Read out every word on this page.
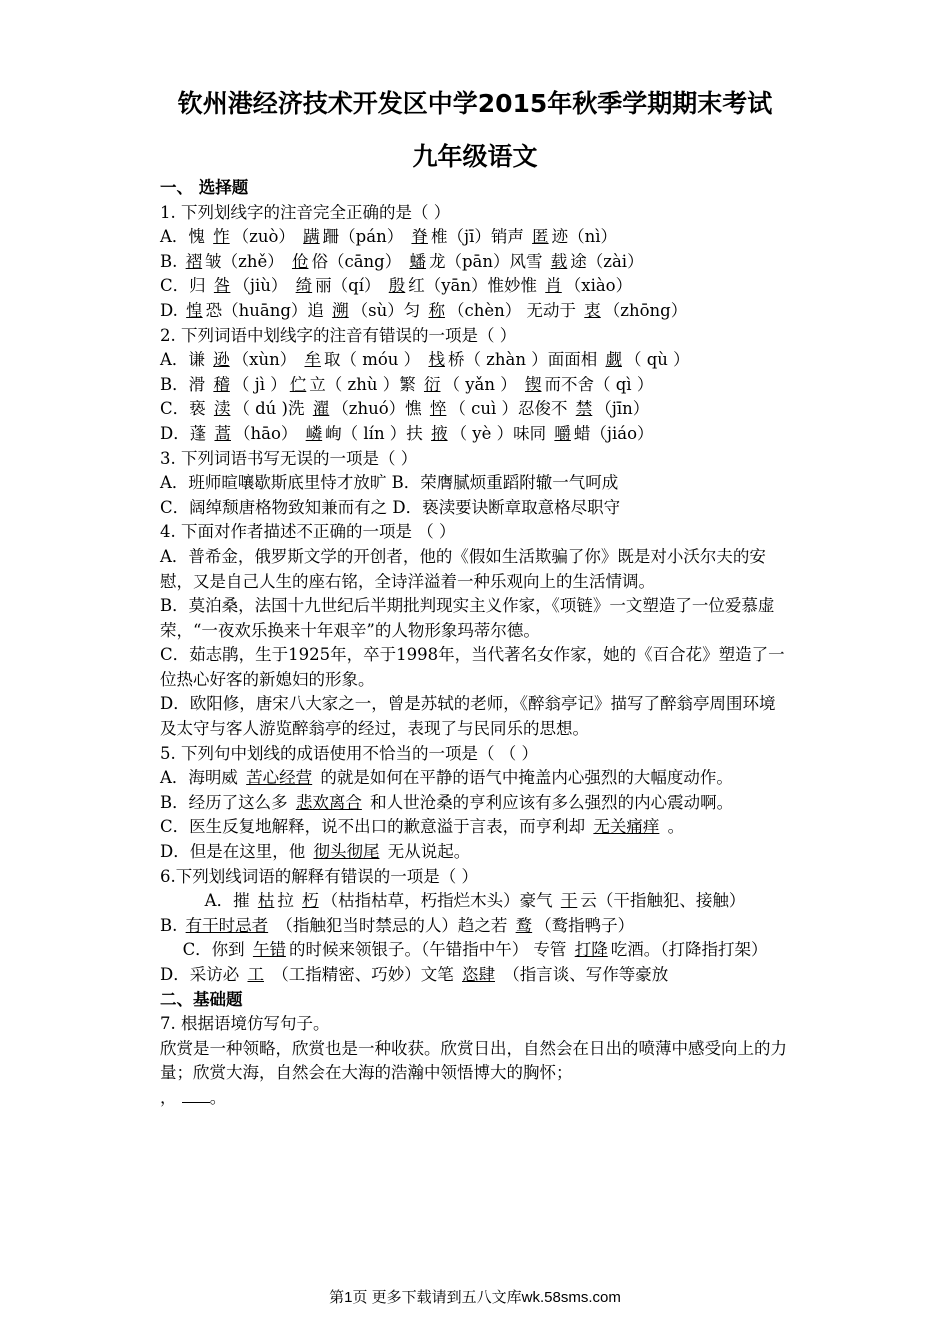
钦州港经济技术开发区中学2015年秋季学期期末考试
九年级语文
一、 选择题
1. 下列划线字的注音完全正确的是（ ）
A．愧 怍 （zuò） 蹒 跚（pán） 脊 椎（jī）销声 匿 迹（nì）
B. 褶 皱（zhě） 伧 俗（cāng） 蟠 龙（pān）风雪 载 途（zài）
C．归 咎 （jiù） 绮 丽（qí） 殷 红（yān）惟妙惟 肖 （xiào）
D. 惶 恐（huāng）追 溯 （sù）匀 称 （chèn） 无动于 衷 （zhōng）
2. 下列词语中划线字的注音有错误的一项是（ ）
A．谦 逊 （xùn） 牟 取（ móu ） 栈 桥（ zhàn ）面面相 觑 （ qù ）
B．滑 稽 （ jì ） 伫 立（ zhù ）繁 衍 （ yǎn ） 锲 而不舍（ qì ）
C．亵 渎 （ dú )洗 濯 （zhuó）憔 悴 （ cuì ）忍俊不 禁 （jīn）
D．蓬 蒿 （hāo） 嶙 峋（ lín ）扶 掖 （ yè ）味同 嚼 蜡（jiáo）
3. 下列词语书写无误的一项是（ ）
A．班师暄嚷歇斯底里恃才放旷 B．荣膺腻烦重蹈附辙一气呵成
C．阔绰颓唐格物致知兼而有之 D．亵渎要诀断章取意格尽职守
4. 下面对作者描述不正确的一项是 （ ）
A．普希金，俄罗斯文学的开创者，他的《假如生活欺骗了你》既是对小沃尔夫的安慰，又是自己人生的座右铭，全诗洋溢着一种乐观向上的生活情调。
B．莫泊桑，法国十九世纪后半期批判现实主义作家，《项链》一文塑造了一位爱慕虚荣，“一夜欢乐换来十年艰辛”的人物形象玛蒂尔德。
C．茹志鹃，生于1925年，卒于1998年，当代著名女作家，她的《百合花》塑造了一位热心好客的新媳妇的形象。
D．欧阳修，唐宋八大家之一，曾是苏轼的老师，《醉翁亭记》描写了醉翁亭周围环境及太守与客人游览醉翁亭的经过，表现了与民同乐的思想。
5. 下列句中划线的成语使用不恰当的一项是（ （ ）
A．海明威 苦心经营 的就是如何在平静的语气中掩盖内心强烈的大幅度动作。
B．经历了这么多 悲欢离合 和人世沧桑的亨利应该有多么强烈的内心震动啊。
C．医生反复地解释，说不出口的歉意溢于言表，而亨利却 无关痛痒 。
D．但是在这里，他 彻头彻尾 无从说起。
6.下列划线词语的解释有错误的一项是（ ）
A．摧 枯 拉 朽 （枯指枯草，朽指烂木头）豪气 干 云（干指触犯、接触）
B. 有干时忌者 （指触犯当时禁忌的人）趋之若 鹜 （鹜指鸭子）
C．你到 午错 的时候来领银子。（午错指中午） 专管 打降 吃酒。（打降指打架）
D．采访必 工 （工指精密、巧妙）文笔 恣肆 （指言谈、写作等豪放
二、基础题
7. 根据语境仿写句子。
欣赏是一种领略，欣赏也是一种收获。欣赏日出，自然会在日出的喷薄中感受向上的力量；欣赏大海，自然会在大海的浩瀚中领悟博大的胸怀；
， 。
第1页 更多下载请到五八文库wk.58sms.com
